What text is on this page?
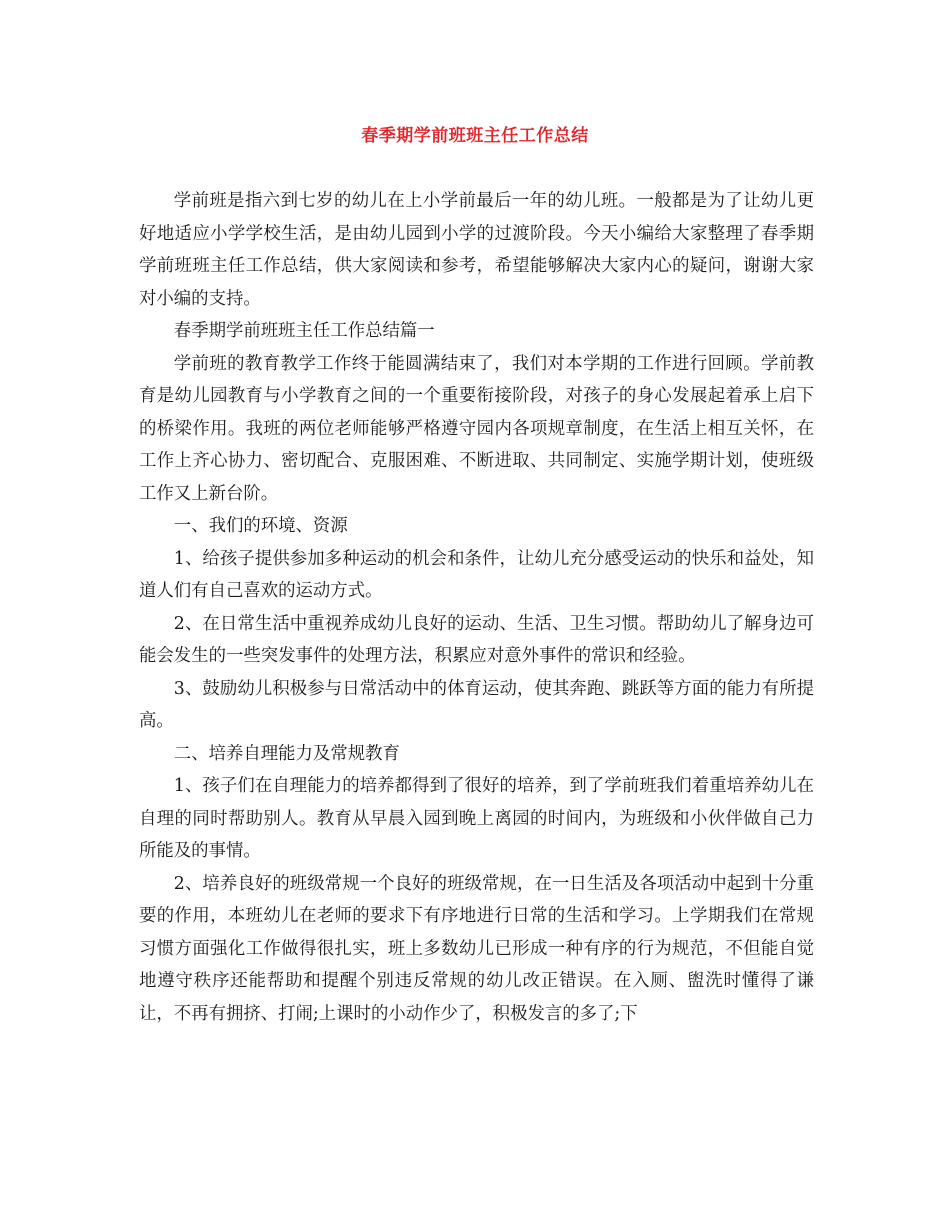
春季期学前班班主任工作总结

学前班是指六到七岁的幼儿在上小学前最后一年的幼儿班。一般都是为了让幼儿更好地适应小学学校生活，是由幼儿园到小学的过渡阶段。今天小编给大家整理了春季期学前班班主任工作总结，供大家阅读和参考，希望能够解决大家内心的疑问，谢谢大家对小编的支持。

春季期学前班班主任工作总结篇一

学前班的教育教学工作终于能圆满结束了，我们对本学期的工作进行回顾。学前教育是幼儿园教育与小学教育之间的一个重要衔接阶段，对孩子的身心发展起着承上启下的桥梁作用。我班的两位老师能够严格遵守园内各项规章制度，在生活上相互关怀，在工作上齐心协力、密切配合、克服困难、不断进取、共同制定、实施学期计划，使班级工作又上新台阶。

一、我们的环境、资源

1、给孩子提供参加多种运动的机会和条件，让幼儿充分感受运动的快乐和益处，知道人们有自己喜欢的运动方式。

2、在日常生活中重视养成幼儿良好的运动、生活、卫生习惯。帮助幼儿了解身边可能会发生的一些突发事件的处理方法，积累应对意外事件的常识和经验。

3、鼓励幼儿积极参与日常活动中的体育运动，使其奔跑、跳跃等方面的能力有所提高。

二、培养自理能力及常规教育

1、孩子们在自理能力的培养都得到了很好的培养，到了学前班我们着重培养幼儿在自理的同时帮助别人。教育从早晨入园到晚上离园的时间内，为班级和小伙伴做自己力所能及的事情。

2、培养良好的班级常规一个良好的班级常规，在一日生活及各项活动中起到十分重要的作用，本班幼儿在老师的要求下有序地进行日常的生活和学习。上学期我们在常规习惯方面强化工作做得很扎实，班上多数幼儿已形成一种有序的行为规范，不但能自觉地遵守秩序还能帮助和提醒个别违反常规的幼儿改正错误。在入厕、盥洗时懂得了谦让，不再有拥挤、打闹;上课时的小动作少了，积极发言的多了;下
